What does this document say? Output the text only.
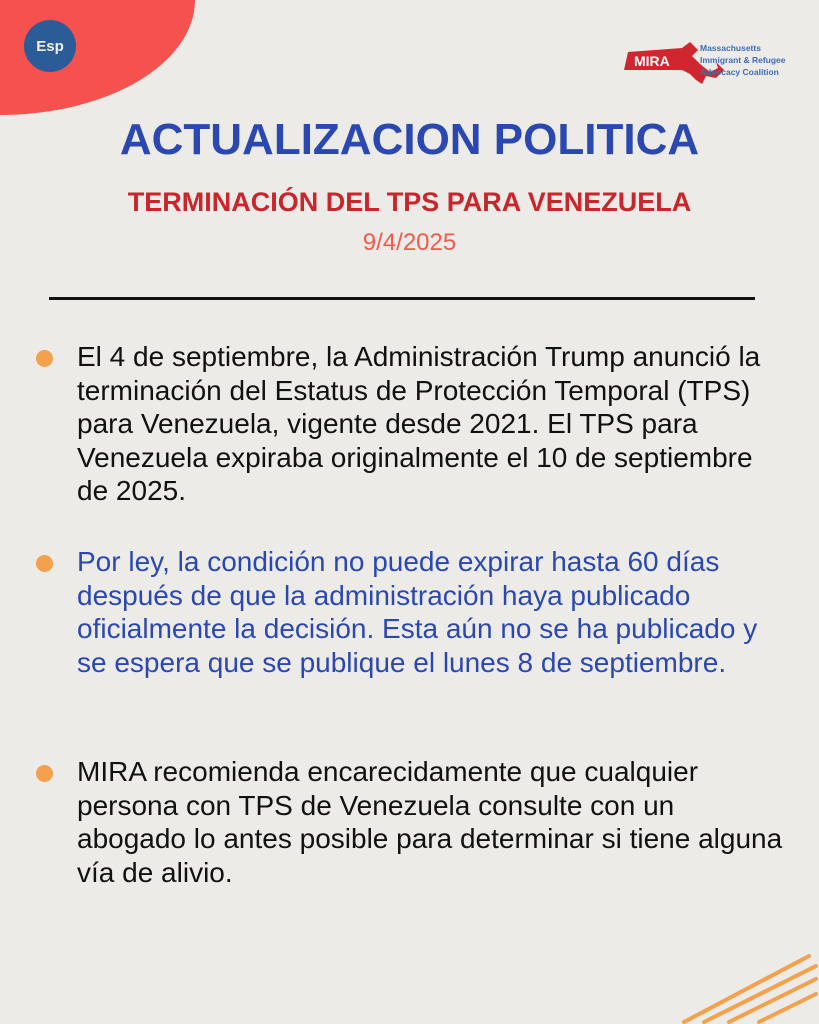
Esp
MIRA
Massachusetts
Immigrant & Refugee
Advocacy Coalition
ACTUALIZACION POLITICA
TERMINACIÓN DEL TPS PARA VENEZUELA
9/4/2025
El 4 de septiembre, la Administración Trump anunció la terminación del Estatus de Protección Temporal (TPS) para Venezuela, vigente desde 2021. El TPS para Venezuela expiraba originalmente el 10 de septiembre de 2025.
Por ley, la condición no puede expirar hasta 60 días después de que la administración haya publicado oficialmente la decisión. Esta aún no se ha publicado y se espera que se publique el lunes 8 de septiembre.
MIRA recomienda encarecidamente que cualquier persona con TPS de Venezuela consulte con un abogado lo antes posible para determinar si tiene alguna vía de alivio.
